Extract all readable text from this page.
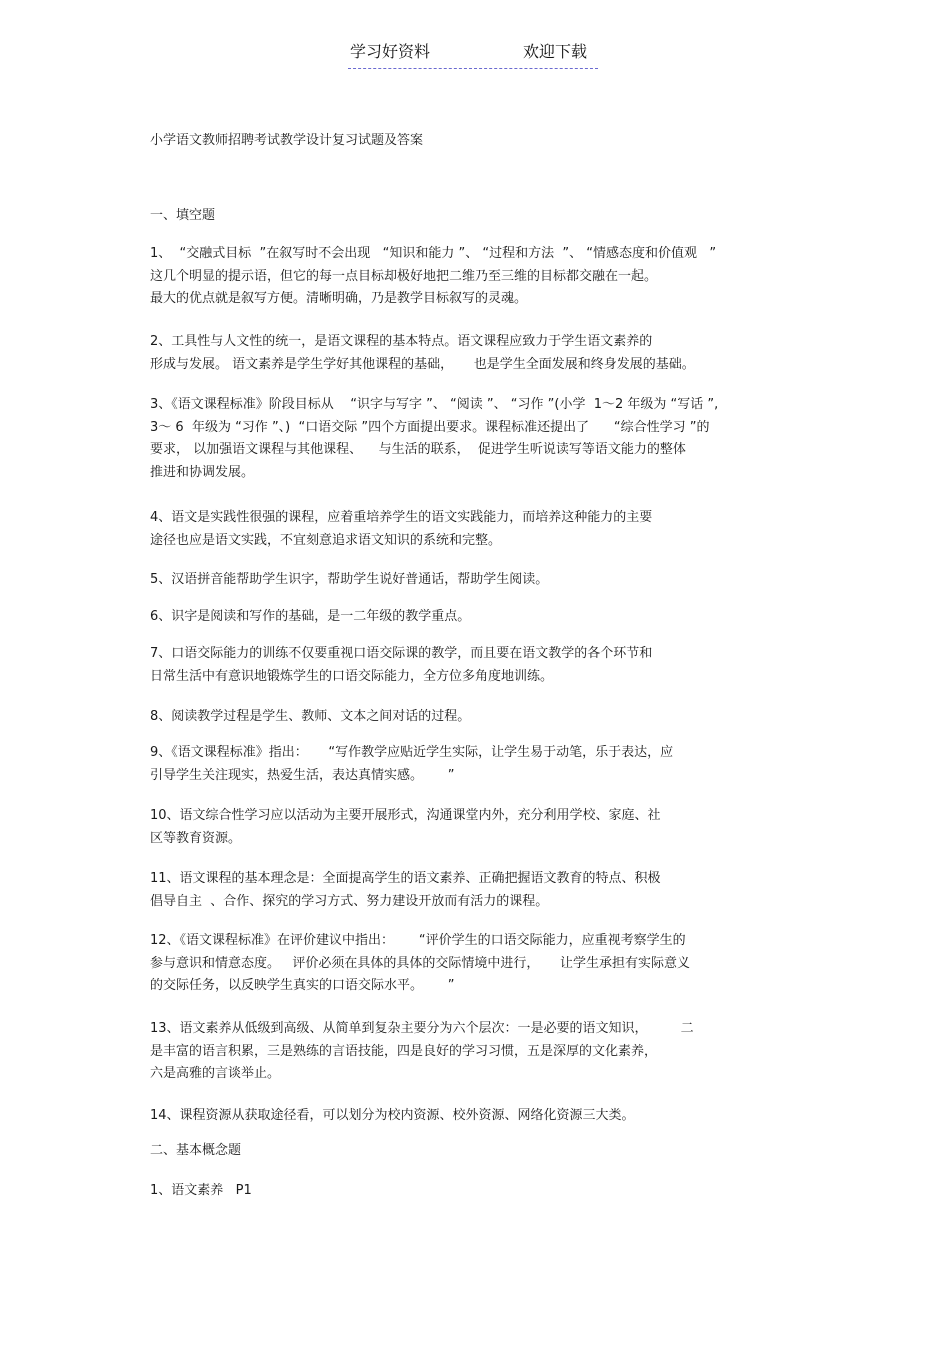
学习好资料	欢迎下载
小学语文教师招聘考试教学设计复习试题及答案
一、填空题
1、  “交融式目标  ”在叙写时不会出现   “知识和能力 ”、 “过程和方法  ”、 “情感态度和价值观   ”
这几个明显的提示语，但它的每一点目标却极好地把二维乃至三维的目标都交融在一起。
最大的优点就是叙写方便。清晰明确，乃是教学目标叙写的灵魂。
2、工具性与人文性的统一，是语文课程的基本特点。语文课程应致力于学生语文素养的
形成与发展。 语文素养是学生学好其他课程的基础，     也是学生全面发展和终身发展的基础。
3、《语文课程标准》阶段目标从    “识字与写字 ”、 “阅读 ”、 “习作 ”(小学  1～2 年级为 “写话 ”,
3～ 6  年级为 “习作 ”、)  “口语交际 ”四个方面提出要求。课程标准还提出了      “综合性学习 ”的
要求， 以加强语文课程与其他课程、    与生活的联系，  促进学生听说读写等语文能力的整体
推进和协调发展。
4、语文是实践性很强的课程，应着重培养学生的语文实践能力，而培养这种能力的主要
途径也应是语文实践，不宜刻意追求语文知识的系统和完整。
5、汉语拼音能帮助学生识字，帮助学生说好普通话，帮助学生阅读。
6、识字是阅读和写作的基础，是一二年级的教学重点。
7、口语交际能力的训练不仅要重视口语交际课的教学，而且要在语文教学的各个环节和
日常生活中有意识地锻炼学生的口语交际能力，全方位多角度地训练。
8、阅读教学过程是学生、教师、文本之间对话的过程。
9、《语文课程标准》指出：     “写作教学应贴近学生实际，让学生易于动笔，乐于表达，应
引导学生关注现实，热爱生活，表达真情实感。      ”
10、语文综合性学习应以活动为主要开展形式，沟通课堂内外，充分利用学校、家庭、社
区等教育资源。
11、语文课程的基本理念是：全面提高学生的语文素养、正确把握语文教育的特点、积极
倡导自主  、合作、探究的学习方式、努力建设开放而有活力的课程。
12、《语文课程标准》在评价建议中指出：      “评价学生的口语交际能力，应重视考察学生的
参与意识和情意态度。   评价必须在具体的具体的交际情境中进行，     让学生承担有实际意义
的交际任务，以反映学生真实的口语交际水平。      ”
13、语文素养从低级到高级、从简单到复杂主要分为六个层次：一是必要的语文知识，        二
是丰富的语言积累，三是熟练的言语技能，四是良好的学习习惯，五是深厚的文化素养，
六是高雅的言谈举止。
14、课程资源从获取途径看，可以划分为校内资源、校外资源、网络化资源三大类。
二、基本概念题
1、语文素养   P1
